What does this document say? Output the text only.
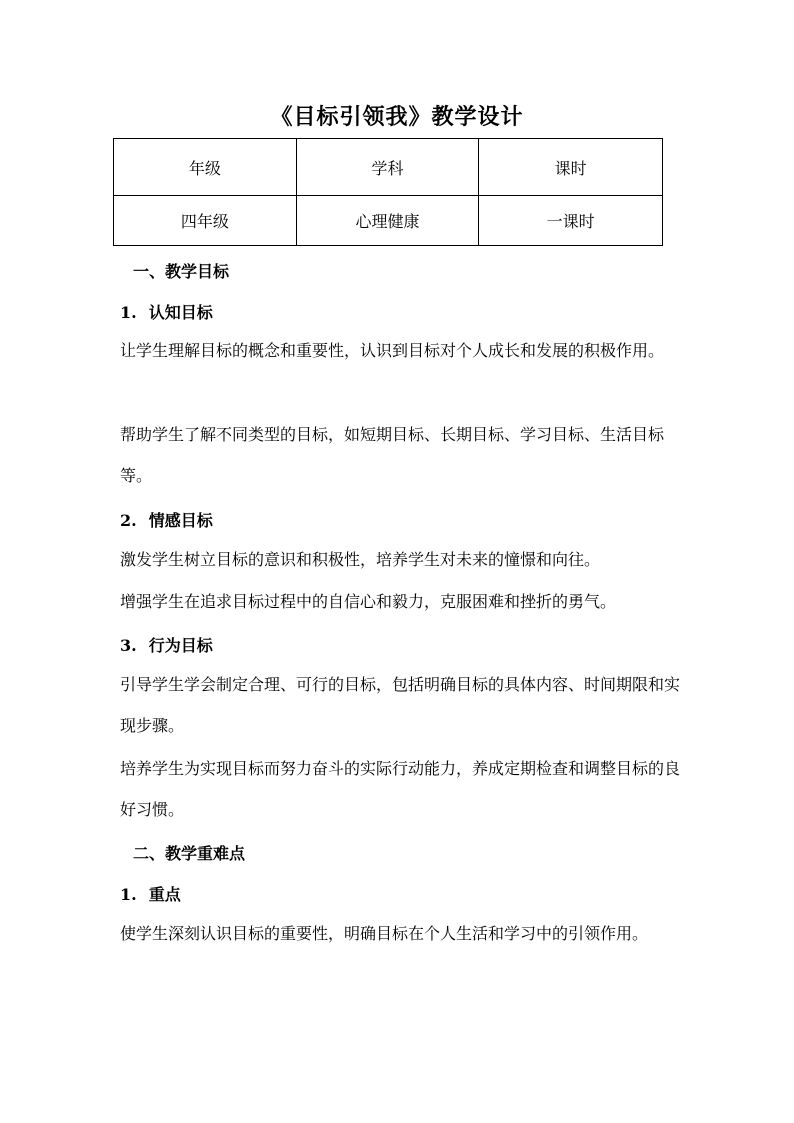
《目标引领我》教学设计
年级	学科	课时
四年级	心理健康	一课时
一、教学目标
1. 认知目标
让学生理解目标的概念和重要性，认识到目标对个人成长和发展的积极作用。
帮助学生了解不同类型的目标，如短期目标、长期目标、学习目标、生活目标等。
2. 情感目标
激发学生树立目标的意识和积极性，培养学生对未来的憧憬和向往。
增强学生在追求目标过程中的自信心和毅力，克服困难和挫折的勇气。
3. 行为目标
引导学生学会制定合理、可行的目标，包括明确目标的具体内容、时间期限和实现步骤。
培养学生为实现目标而努力奋斗的实际行动能力，养成定期检查和调整目标的良好习惯。
二、教学重难点
1. 重点
使学生深刻认识目标的重要性，明确目标在个人生活和学习中的引领作用。
